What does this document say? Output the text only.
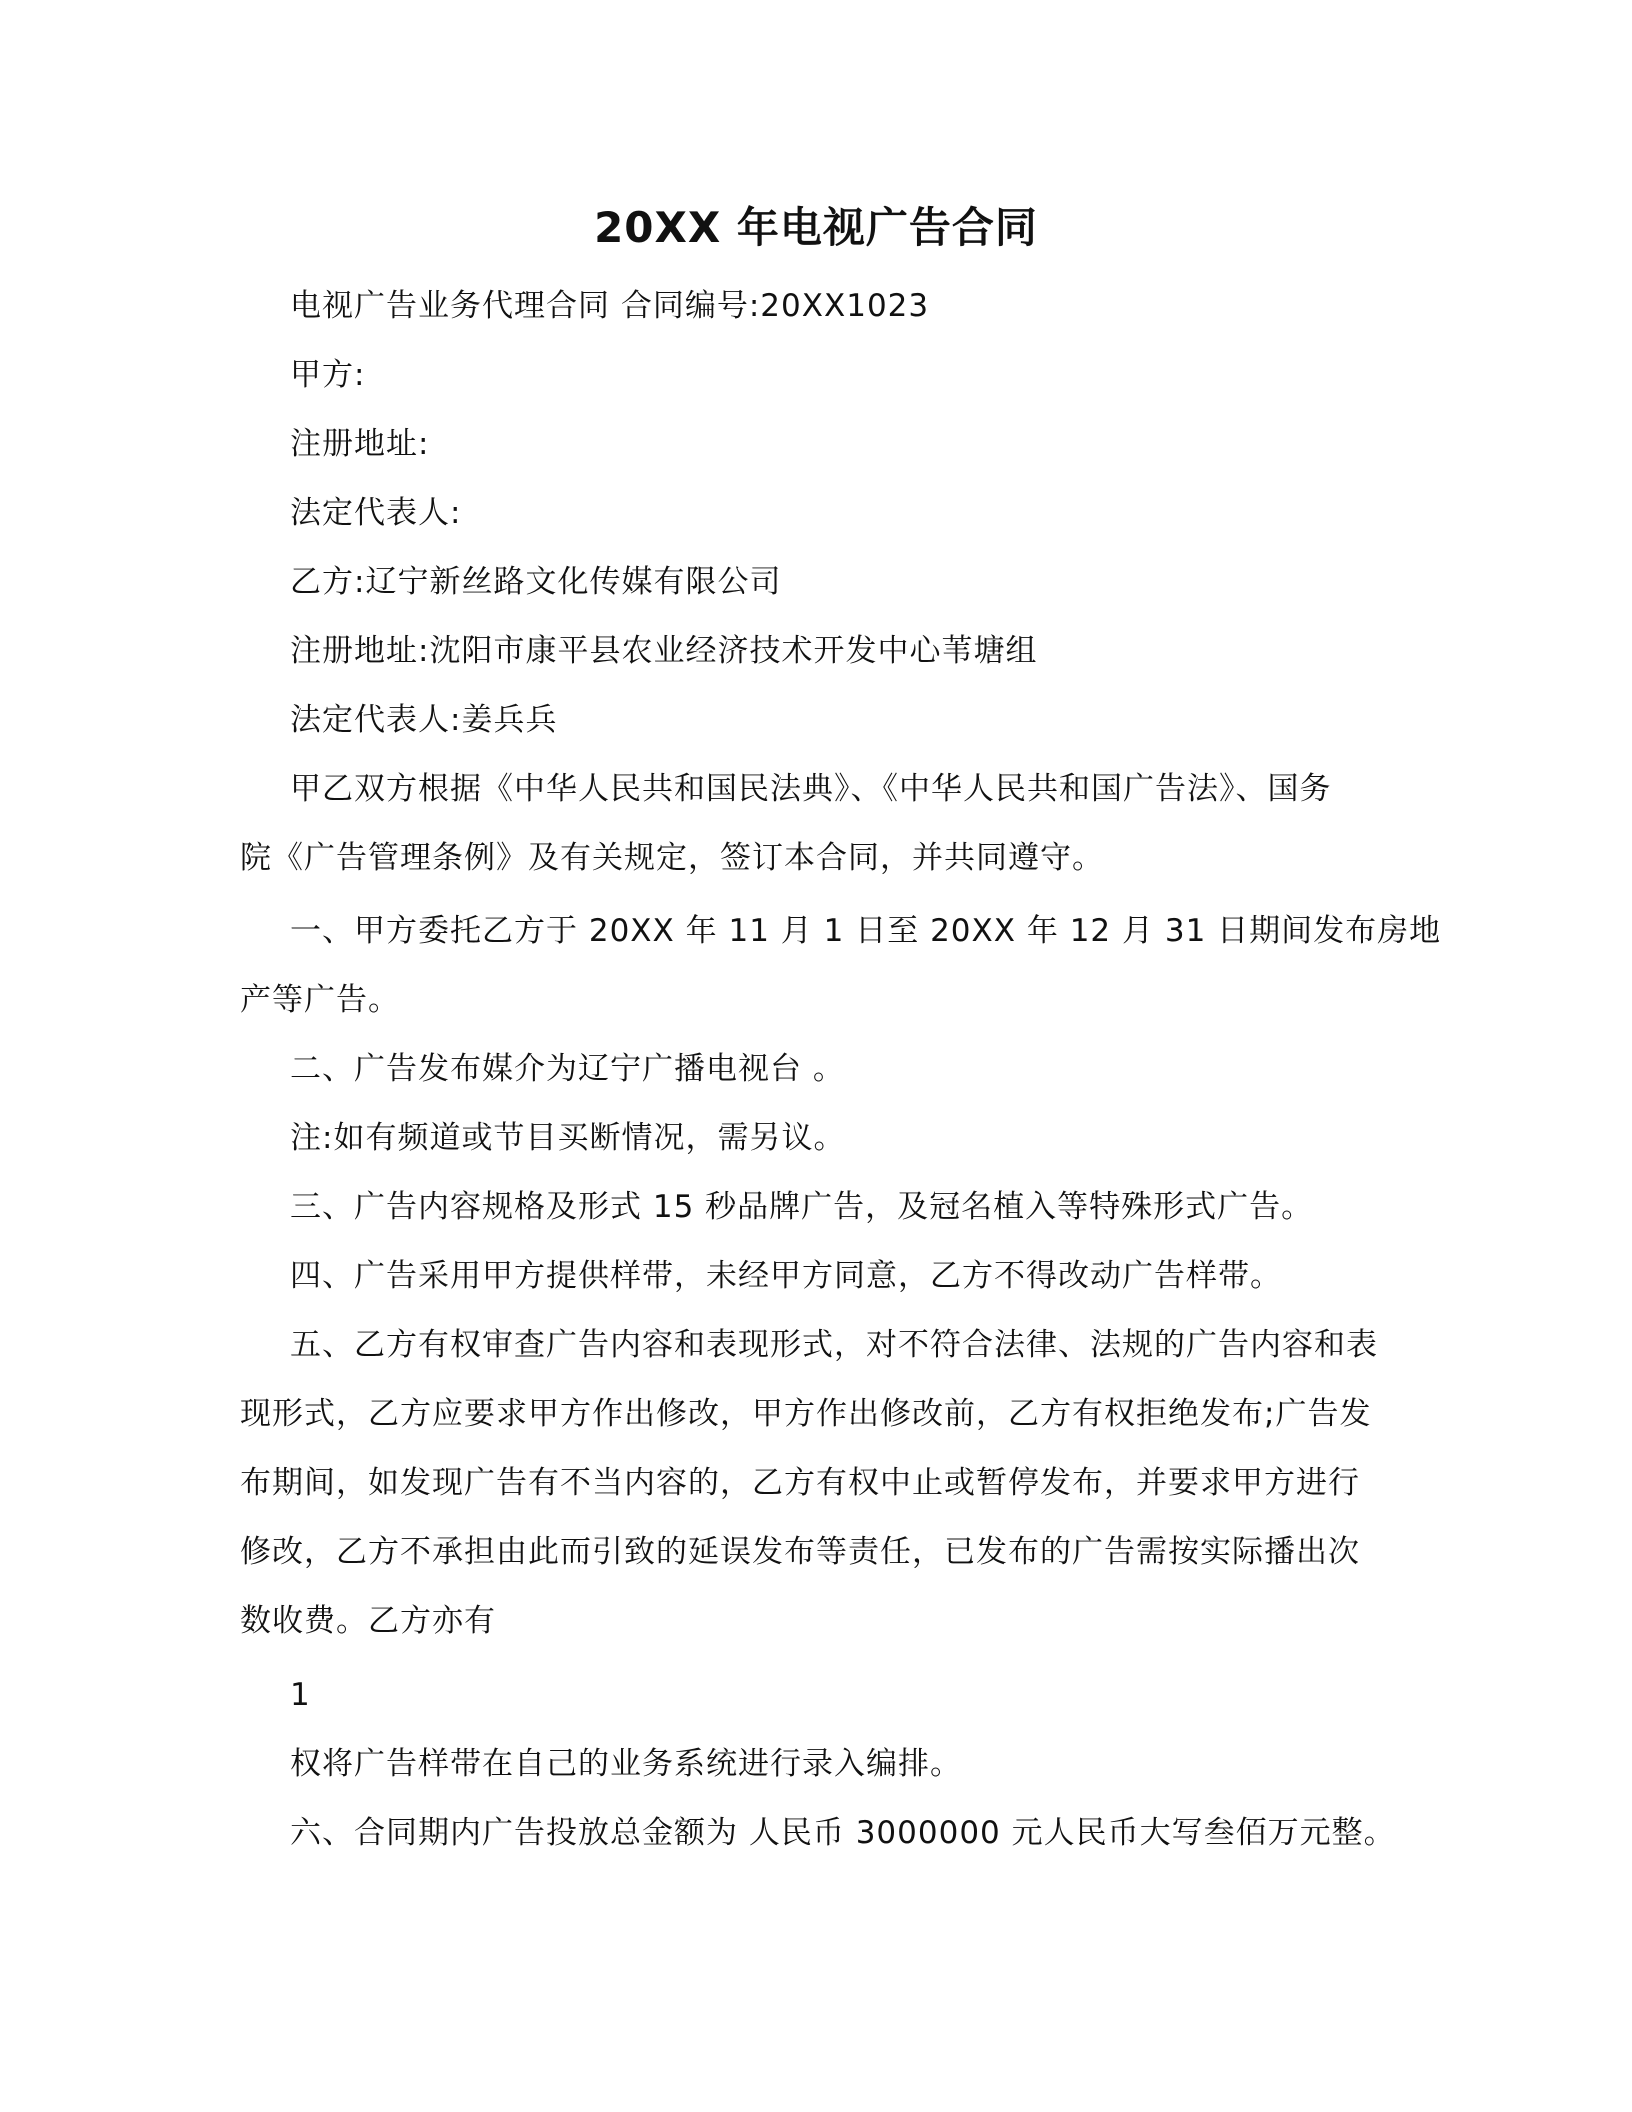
20XX 年电视广告合同
电视广告业务代理合同 合同编号:20XX1023
甲方:
注册地址:
法定代表人:
乙方:辽宁新丝路文化传媒有限公司
注册地址:沈阳市康平县农业经济技术开发中心苇塘组
法定代表人:姜兵兵
甲乙双方根据《中华人民共和国民法典》、《中华人民共和国广告法》、国务
院《广告管理条例》及有关规定，签订本合同，并共同遵守。
一、甲方委托乙方于 20XX 年 11 月 1 日至 20XX 年 12 月 31 日期间发布房地
产等广告。
二、广告发布媒介为辽宁广播电视台 。
注:如有频道或节目买断情况，需另议。
三、广告内容规格及形式 15 秒品牌广告，及冠名植入等特殊形式广告。
四、广告采用甲方提供样带，未经甲方同意，乙方不得改动广告样带。
五、乙方有权审查广告内容和表现形式，对不符合法律、法规的广告内容和表
现形式，乙方应要求甲方作出修改，甲方作出修改前，乙方有权拒绝发布;广告发
布期间，如发现广告有不当内容的，乙方有权中止或暂停发布，并要求甲方进行
修改，乙方不承担由此而引致的延误发布等责任，已发布的广告需按实际播出次
数收费。乙方亦有
1
权将广告样带在自己的业务系统进行录入编排。
六、合同期内广告投放总金额为 人民币 3000000 元人民币大写叁佰万元整。
